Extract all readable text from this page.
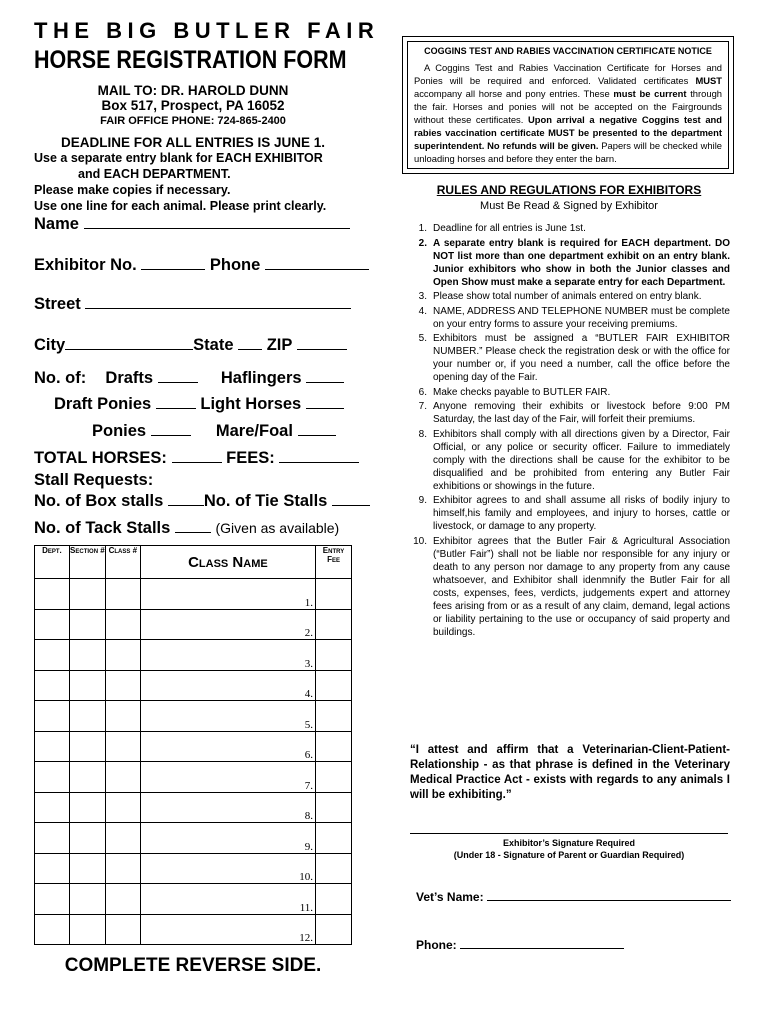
THE BIG BUTLER FAIR
HORSE REGISTRATION FORM
MAIL TO: DR. HAROLD DUNN
Box 517, Prospect, PA 16052
FAIR OFFICE PHONE: 724-865-2400
DEADLINE FOR ALL ENTRIES IS JUNE 1.
Use a separate entry blank for EACH EXHIBITOR
and EACH DEPARTMENT.
Please make copies if necessary.
Use one line for each animal. Please print clearly.
Name
Exhibitor No.	Phone
Street
City	State ZIP
No. of: Drafts	Haflingers
Draft Ponies	Light Horses
Ponies	Mare/Foal
TOTAL HORSES:	FEES:
Stall Requests:
No. of Box stalls No. of Tie Stalls
No. of Tack Stalls	(Given as available)
Dept.	Section #	Class #	Class Name	Entry Fee
			1.	
			2.	
			3.	
			4.	
			5.	
			6.	
			7.	
			8.	
			9.	
			10.	
			11.	
			12.	
COMPLETE REVERSE SIDE.
COGGINS TEST AND RABIES VACCINATION CERTIFICATE NOTICE
A Coggins Test and Rabies Vaccination Certificate for Horses and Ponies will be required and enforced. Validated certificates MUST accompany all horse and pony entries. These must be current through the fair. Horses and ponies will not be accepted on the Fairgrounds without these certificates. Upon arrival a negative Coggins test and rabies vaccination certificate MUST be presented to the department superintendent. No refunds will be given. Papers will be checked while unloading horses and before they enter the barn.
RULES AND REGULATIONS FOR EXHIBITORS
Must Be Read & Signed by Exhibitor
1. Deadline for all entries is June 1st.
2. A separate entry blank is required for EACH department. DO NOT list more than one department exhibit on an entry blank. Junior exhibitors who show in both the Junior classes and Open Show must make a separate entry for each Department.
3. Please show total number of animals entered on entry blank.
4. NAME, ADDRESS AND TELEPHONE NUMBER must be complete on your entry forms to assure your receiving premiums.
5. Exhibitors must be assigned a “BUTLER FAIR EXHIBITOR NUMBER.” Please check the registration desk or with the office for your number or, if you need a number, call the office before the opening day of the Fair.
6. Make checks payable to BUTLER FAIR.
7. Anyone removing their exhibits or livestock before 9:00 PM Saturday, the last day of the Fair, will forfeit their premiums.
8. Exhibitors shall comply with all directions given by a Director, Fair Official, or any police or security officer. Failure to immediately comply with the directions shall be cause for the exhibitor to be disqualified and be prohibited from entering any Butler Fair exhibitions or showings in the future.
9. Exhibitor agrees to and shall assume all risks of bodily injury to himself,his family and employees, and injury to horses, cattle or livestock, or damage to any property.
10. Exhibitor agrees that the Butler Fair & Agricultural Association (“Butler Fair”) shall not be liable nor responsible for any injury or death to any person nor damage to any property from any cause whatsoever, and Exhibitor shall idenmnify the Butler Fair for all costs, expenses, fees, verdicts, judgements expert and attorney fees arising from or as a result of any claim, demand, legal actions or liability pertaining to the use or occupancy of said property and buildings.
“I attest and affirm that a Veterinarian-Client-Patient-Relationship - as that phrase is defined in the Veterinary Medical Practice Act - exists with regards to any animals I will be exhibiting.”
Exhibitor’s Signature Required
(Under 18 - Signature of Parent or Guardian Required)
Vet’s Name:
Phone:
